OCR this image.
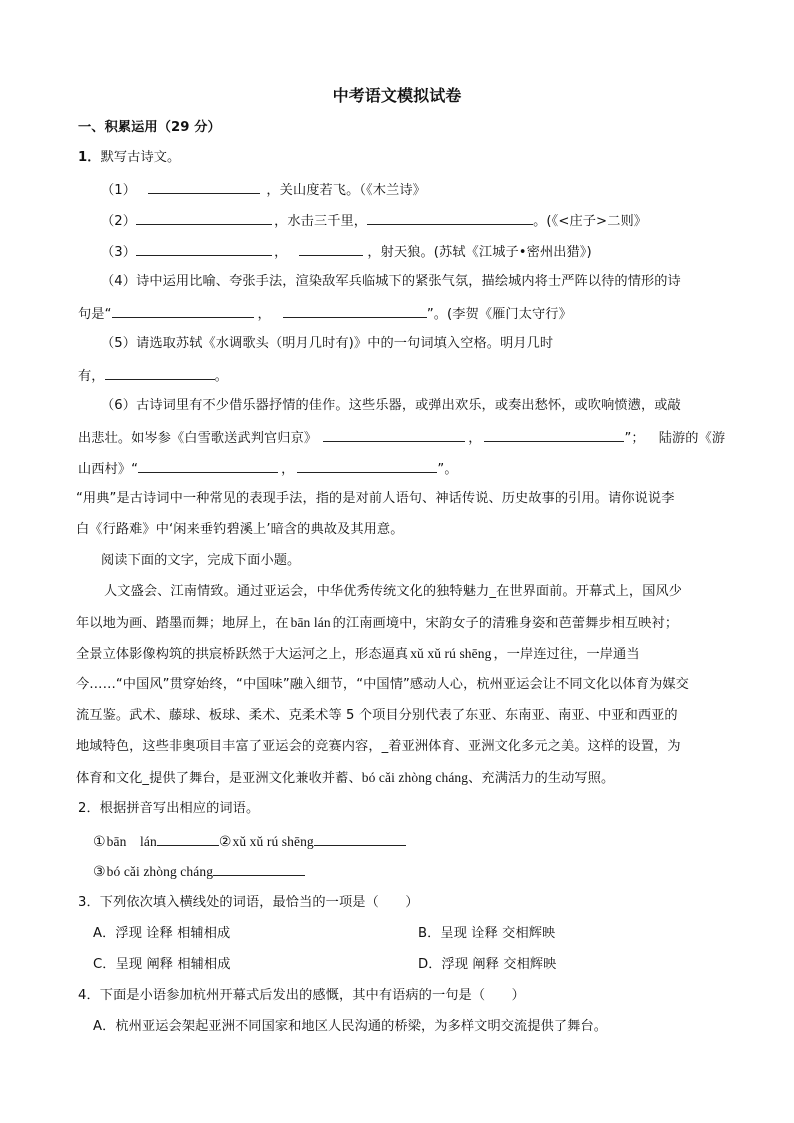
中考语文模拟试卷
一、积累运用（29 分）
1．默写古诗文。
（1）	，关山度若飞。（《木兰诗》
（2）	，水击三千里，	。(《<庄子>二则》
（3）	，	，射天狼。(苏轼《江城子•密州出猎》)
（4）诗中运用比喻、夸张手法，渲染敌军兵临城下的紧张气氛，描绘城内将士严阵以待的情形的诗
句是“	，	”。(李贺《雁门太守行》
（5）请选取苏轼《水调歌头（明月几时有)》中的一句词填入空格。明月几时
有，	。
（6）古诗词里有不少借乐器抒情的佳作。这些乐器，或弹出欢乐，或奏出愁怀，或吹响愤懑，或敲
出悲壮。如岑参《白雪歌送武判官归京》	，	”； 陆游的《游
山西村》“	，	”。
“用典”是古诗词中一种常见的表现手法，指的是对前人语句、神话传说、历史故事的引用。请你说说李
白《行路难》中‘闲来垂钓碧溪上’暗含的典故及其用意。
阅读下面的文字，完成下面小题。
人文盛会、江南情致。通过亚运会，中华优秀传统文化的独特魅力_在世界面前。开幕式上，国风少
年以地为画、踏墨而舞；地屏上，在 bān lán 的江南画境中，宋韵女子的清雅身姿和芭蕾舞步相互映衬；
全景立体影像构筑的拱宸桥跃然于大运河之上，形态逼真 xǔ xǔ rú shēng ，一岸连过往，一岸通当
今……“中国风”贯穿始终，“中国味”融入细节，“中国情”感动人心，杭州亚运会让不同文化以体育为媒交
流互鉴。武术、藤球、板球、柔术、克柔术等 5 个项目分别代表了东亚、东南亚、南亚、中亚和西亚的
地域特色，这些非奥项目丰富了亚运会的竞赛内容，_着亚洲体育、亚洲文化多元之美。这样的设置，为
体育和文化_提供了舞台，是亚洲文化兼收并蓄、bó cǎi zhòng cháng、充满活力的生动写照。
2．根据拼音写出相应的词语。
①bān　lán	②xǔ xǔ rú shēng
③bó cǎi zhòng cháng
3．下列依次填入横线处的词语，最恰当的一项是（　　）
A．浮现 诠释 相辅相成	B．呈现 诠释 交相辉映
C．呈现 阐释 相辅相成	D．浮现 阐释 交相辉映
4．下面是小语参加杭州开幕式后发出的感慨，其中有语病的一句是（　　）
A．杭州亚运会架起亚洲不同国家和地区人民沟通的桥梁，为多样文明交流提供了舞台。
